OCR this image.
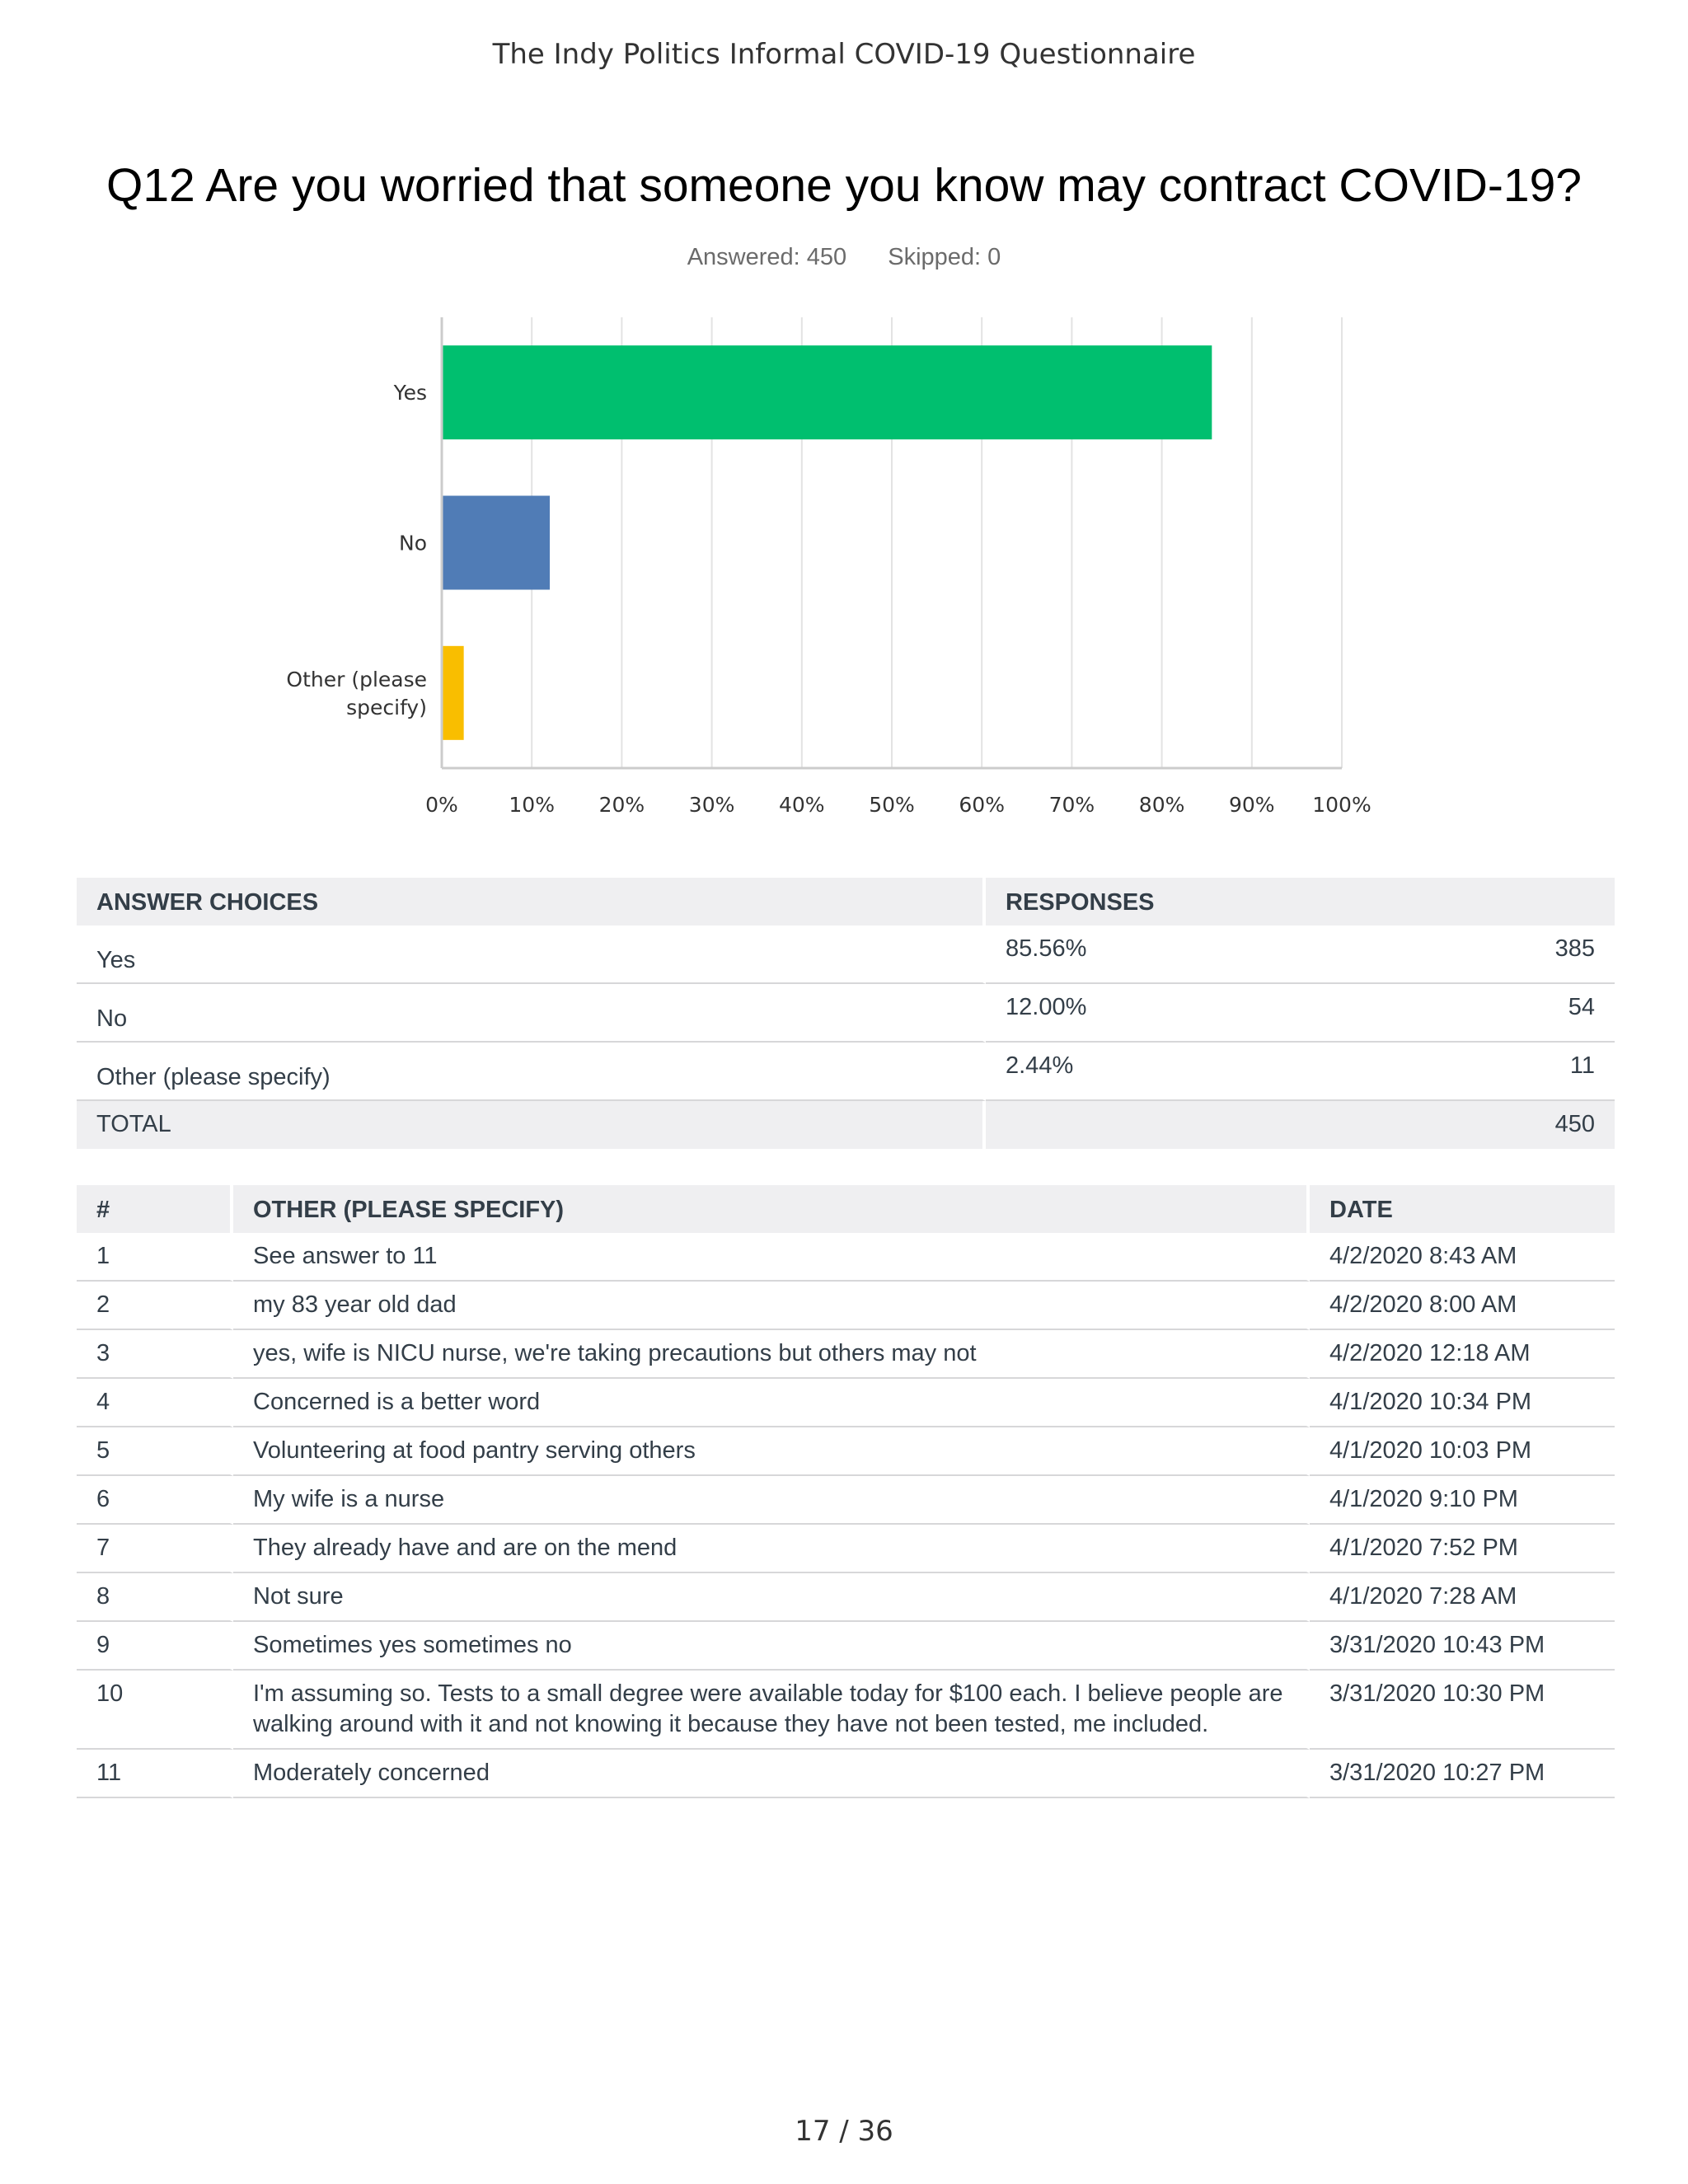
The Indy Politics Informal COVID-19 Questionnaire
Q12 Are you worried that someone you know may contract COVID-19?
Answered: 450 Skipped: 0
Yes
No
Other (please specify)
0% 10% 20% 30% 40% 50% 60% 70% 80% 90% 100%
ANSWER CHOICES	RESPONSES	
Yes	85.56%	385
No	12.00%	54
Other (please specify)	2.44%	11
TOTAL		450
#	OTHER (PLEASE SPECIFY)	DATE
1	See answer to 11	4/2/2020 8:43 AM
2	my 83 year old dad	4/2/2020 8:00 AM
3	yes, wife is NICU nurse, we're taking precautions but others may not	4/2/2020 12:18 AM
4	Concerned is a better word	4/1/2020 10:34 PM
5	Volunteering at food pantry serving others	4/1/2020 10:03 PM
6	My wife is a nurse	4/1/2020 9:10 PM
7	They already have and are on the mend	4/1/2020 7:52 PM
8	Not sure	4/1/2020 7:28 AM
9	Sometimes yes sometimes no	3/31/2020 10:43 PM
10	I'm assuming so. Tests to a small degree were available today for $100 each. I believe people are walking around with it and not knowing it because they have not been tested, me included.	3/31/2020 10:30 PM
11	Moderately concerned	3/31/2020 10:27 PM
17 / 36
